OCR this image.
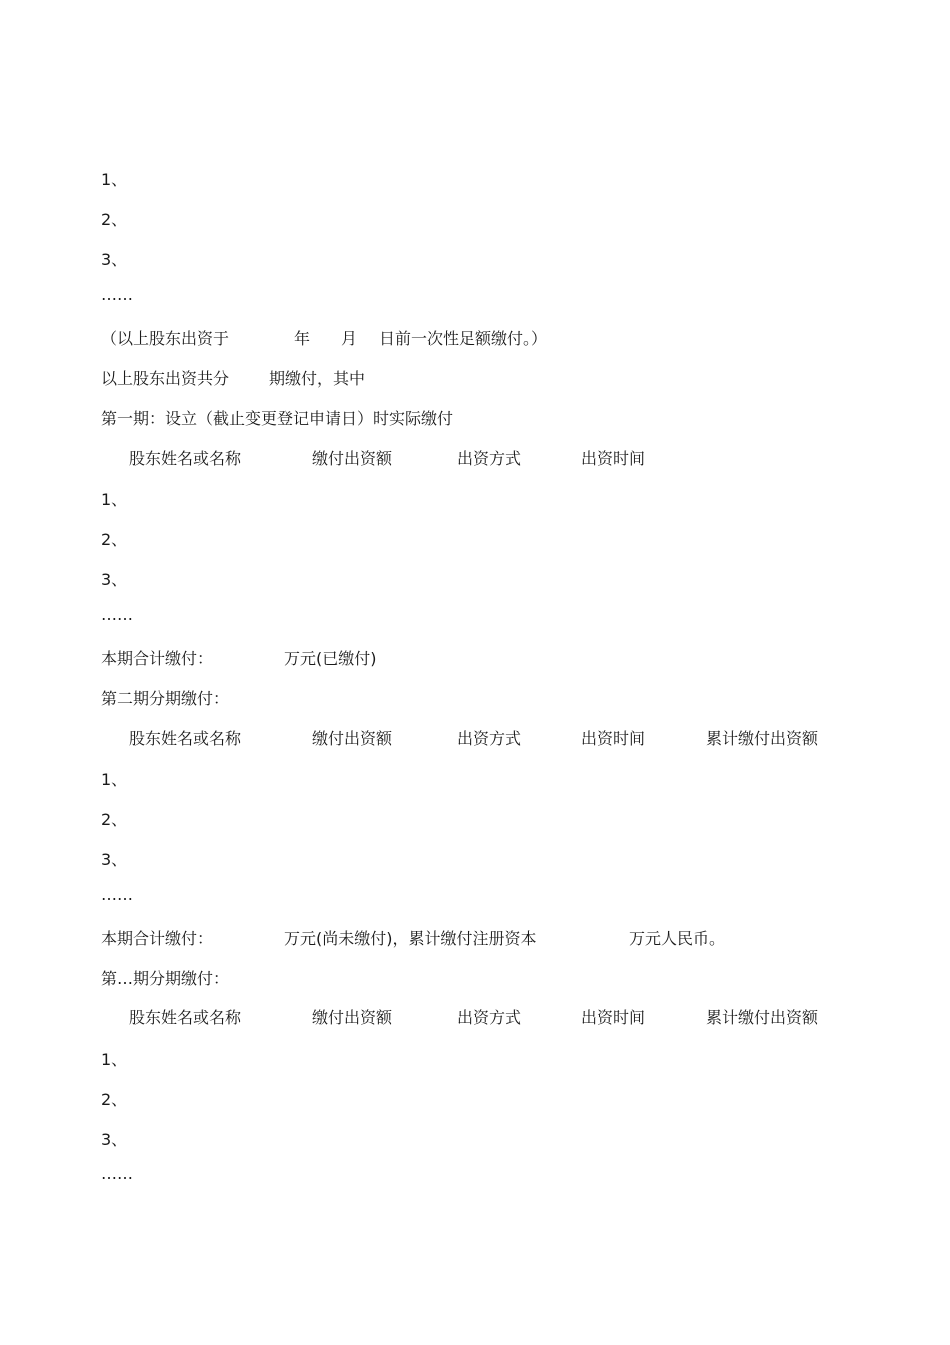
1、
2、
3、
……
（以上股东出资于	年 月 日前一次性足额缴付。）
以上股东出资共分 期缴付，其中
第一期：设立（截止变更登记申请日）时实际缴付
股东姓名或名称	缴付出资额	出资方式	出资时间
1、
2、
3、
……
本期合计缴付：	万元(已缴付)
第二期分期缴付：
股东姓名或名称	缴付出资额	出资方式	出资时间	累计缴付出资额
1、
2、
3、
……
本期合计缴付：	万元(尚未缴付)，累计缴付注册资本	万元人民币。
第…期分期缴付：
股东姓名或名称	缴付出资额	出资方式	出资时间	累计缴付出资额
1、
2、
3、
……
